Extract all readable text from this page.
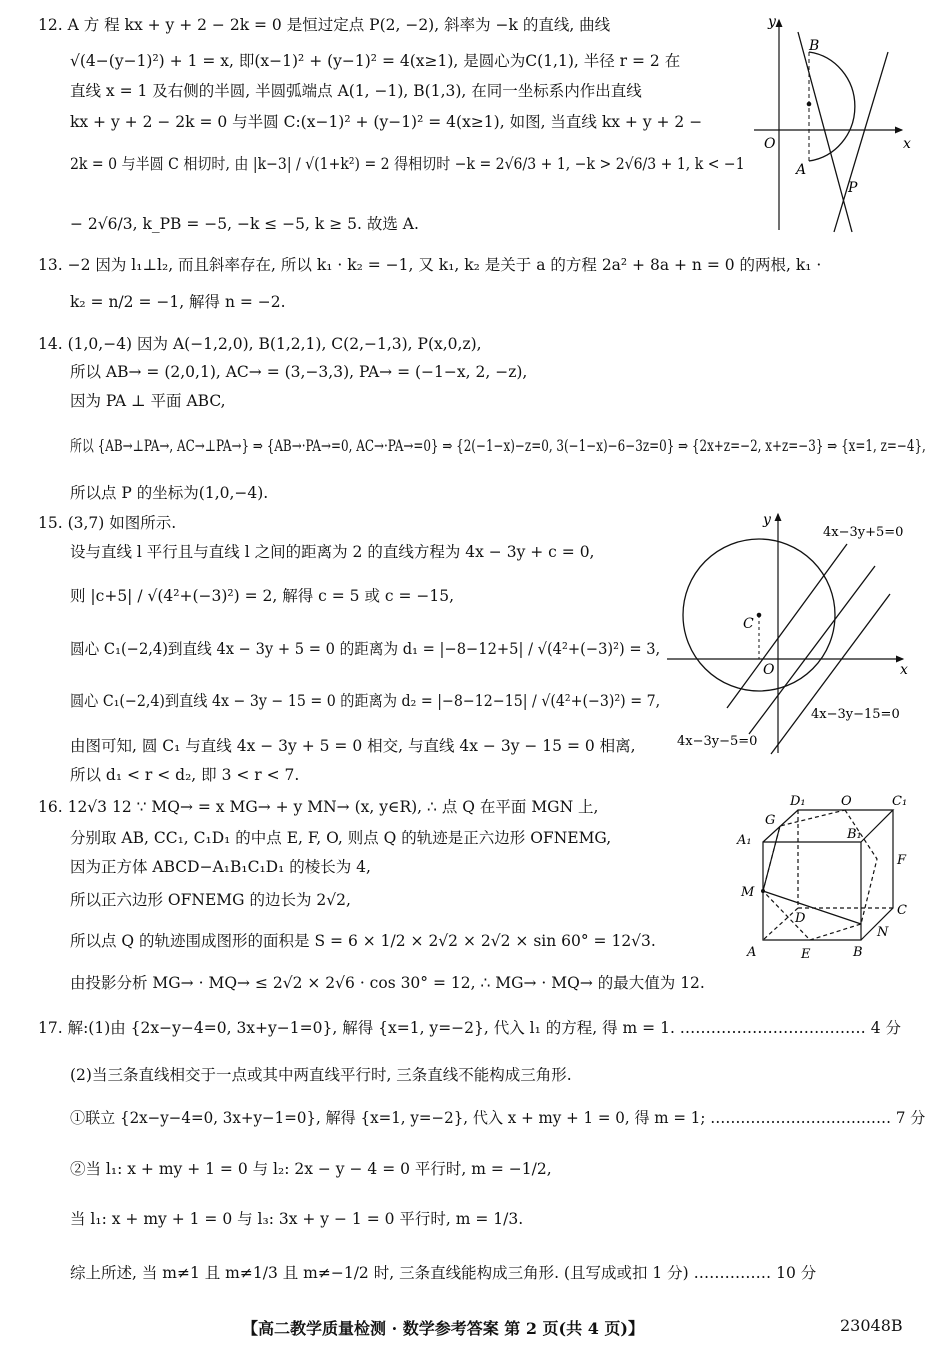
12. A 方 程 kx + y + 2 − 2k = 0 是恒过定点 P(2, −2), 斜率为 −k 的直线, 曲线
√(4−(y−1)²) + 1 = x, 即(x−1)² + (y−1)² = 4(x≥1), 是圆心为C(1,1), 半径 r = 2 在
直线 x = 1 及右侧的半圆, 半圆弧端点 A(1, −1), B(1,3), 在同一坐标系内作出直线
kx + y + 2 − 2k = 0 与半圆 C:(x−1)² + (y−1)² = 4(x≥1), 如图, 当直线 kx + y + 2 −
2k = 0 与半圆 C 相切时, 由 |k−3| / √(1+k²) = 2 得相切时 −k = 2√6/3 + 1, −k > 2√6/3 + 1, k < −1
− 2√6/3, k_PB = −5, −k ≤ −5, k ≥ 5. 故选 A.
y
x
O
B
A
P
13. −2 因为 l₁⊥l₂, 而且斜率存在, 所以 k₁ · k₂ = −1, 又 k₁, k₂ 是关于 a 的方程 2a² + 8a + n = 0 的两根, k₁ ·
k₂ = n/2 = −1, 解得 n = −2.
14. (1,0,−4) 因为 A(−1,2,0), B(1,2,1), C(2,−1,3), P(x,0,z),
所以 AB→ = (2,0,1), AC→ = (3,−3,3), PA→ = (−1−x, 2, −z),
因为 PA ⊥ 平面 ABC,
所以 {AB→⊥PA→, AC→⊥PA→} ⇒ {AB→·PA→=0, AC→·PA→=0} ⇒ {2(−1−x)−z=0, 3(−1−x)−6−3z=0} ⇒ {2x+z=−2, x+z=−3} ⇒ {x=1, z=−4},
所以点 P 的坐标为(1,0,−4).
15. (3,7) 如图所示.
设与直线 l 平行且与直线 l 之间的距离为 2 的直线方程为 4x − 3y + c = 0,
则 |c+5| / √(4²+(−3)²) = 2, 解得 c = 5 或 c = −15,
圆心 C₁(−2,4)到直线 4x − 3y + 5 = 0 的距离为 d₁ = |−8−12+5| / √(4²+(−3)²) = 3,
圆心 C₁(−2,4)到直线 4x − 3y − 15 = 0 的距离为 d₂ = |−8−12−15| / √(4²+(−3)²) = 7,
由图可知, 圆 C₁ 与直线 4x − 3y + 5 = 0 相交, 与直线 4x − 3y − 15 = 0 相离,
所以 d₁ < r < d₂, 即 3 < r < 7.
y
x
O
C
4x−3y+5=0
4x−3y−15=0
4x−3y−5=0
16. 12√3 12 ∵ MQ→ = x MG→ + y MN→ (x, y∈R), ∴ 点 Q 在平面 MGN 上,
分别取 AB, CC₁, C₁D₁ 的中点 E, F, O, 则点 Q 的轨迹是正六边形 OFNEMG,
因为正方体 ABCD−A₁B₁C₁D₁ 的棱长为 4,
所以正六边形 OFNEMG 的边长为 2√2,
所以点 Q 的轨迹围成图形的面积是 S = 6 × 1/2 × 2√2 × 2√2 × sin 60° = 12√3.
由投影分析 MG→ · MQ→ ≤ 2√2 × 2√6 · cos 30° = 12, ∴ MG→ · MQ→ 的最大值为 12.
D₁	O	C₁
G
A₁	B₁
F
M
D
C
N
A	E	B
17. 解:(1)由 {2x−y−4=0, 3x+y−1=0}, 解得 {x=1, y=−2}, 代入 l₁ 的方程, 得 m = 1. ……………………………… 4 分
(2)当三条直线相交于一点或其中两直线平行时, 三条直线不能构成三角形.
①联立 {2x−y−4=0, 3x+y−1=0}, 解得 {x=1, y=−2}, 代入 x + my + 1 = 0, 得 m = 1; ……………………………… 7 分
②当 l₁: x + my + 1 = 0 与 l₂: 2x − y − 4 = 0 平行时, m = −1/2,
当 l₁: x + my + 1 = 0 与 l₃: 3x + y − 1 = 0 平行时, m = 1/3.
综上所述, 当 m≠1 且 m≠1/3 且 m≠−1/2 时, 三条直线能构成三角形. (且写成或扣 1 分) …………… 10 分
【高二教学质量检测 · 数学参考答案 第 2 页(共 4 页)】	23048B
